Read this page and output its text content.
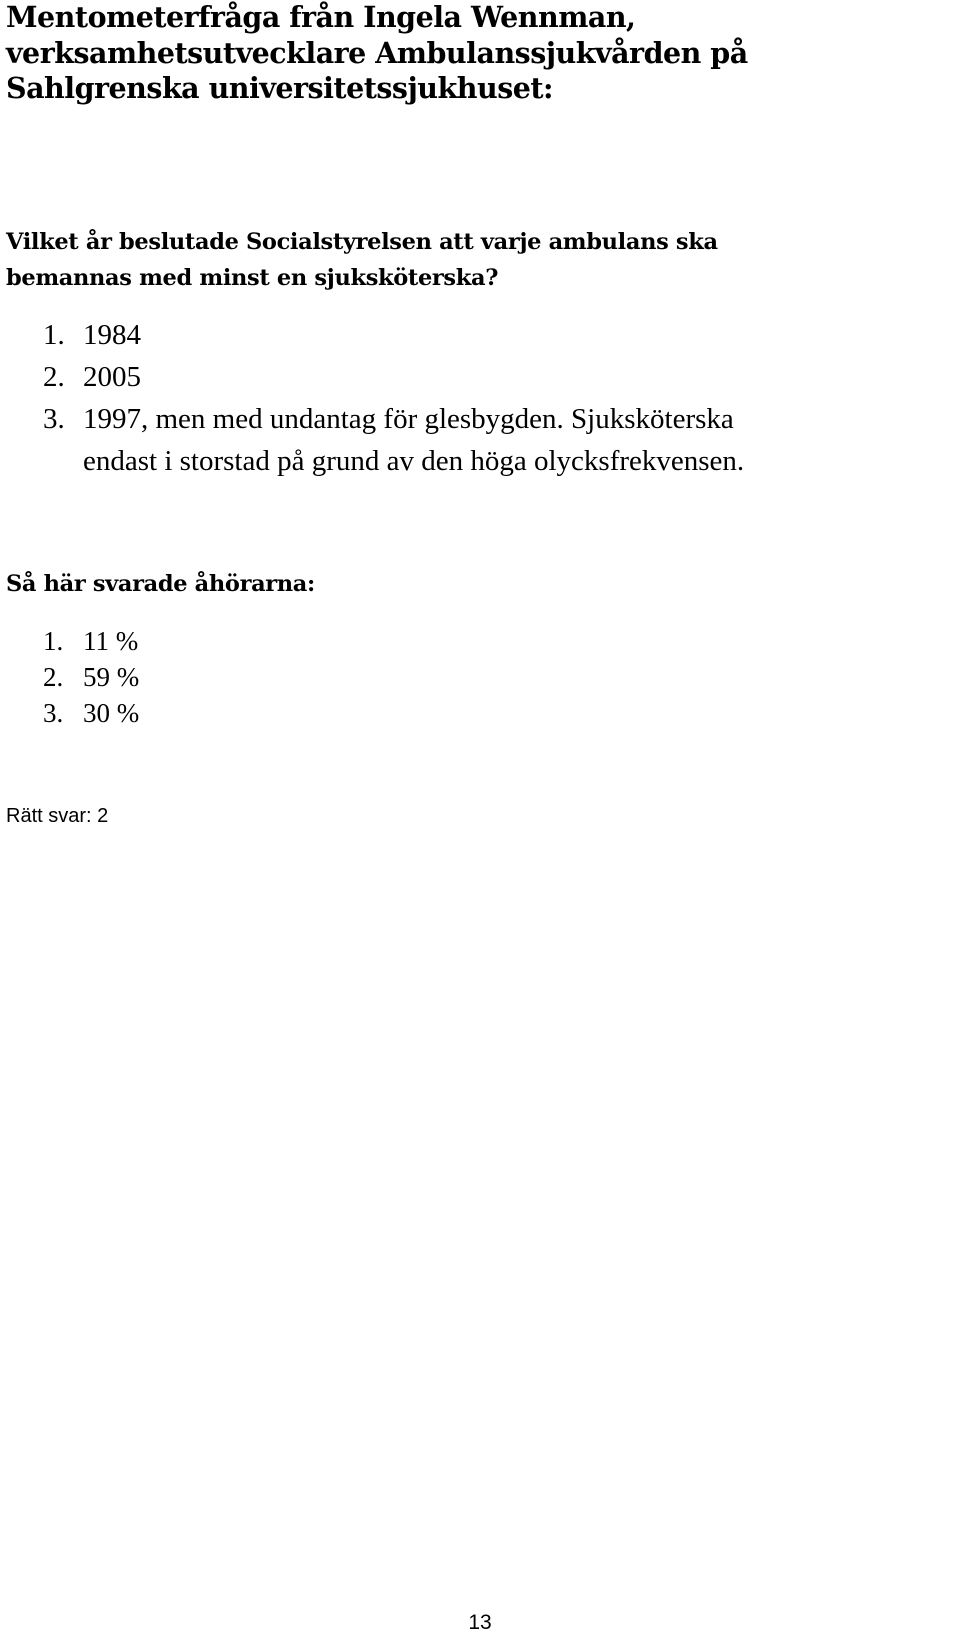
Mentometerfråga från Ingela Wennman,
verksamhetsutvecklare Ambulanssjukvården på
Sahlgrenska universitetssjukhuset:

Vilket år beslutade Socialstyrelsen att varje ambulans ska
bemannas med minst en sjuksköterska?

1. 1984
2. 2005
3. 1997, men med undantag för glesbygden. Sjuksköterska
endast i storstad på grund av den höga olycksfrekvensen.

Så här svarade åhörarna:

1. 11 %
2. 59 %
3. 30 %

Rätt svar: 2

13
